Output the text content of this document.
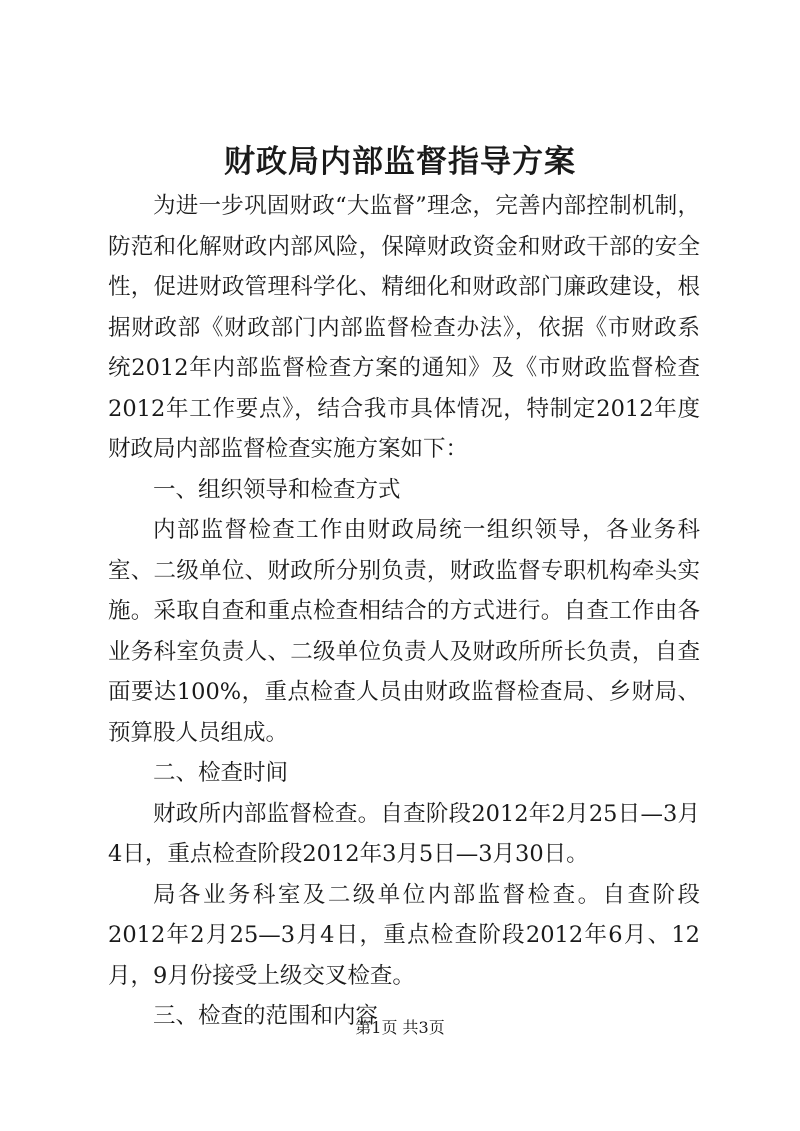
财政局内部监督指导方案

为进一步巩固财政“大监督”理念，完善内部控制机制，防范和化解财政内部风险，保障财政资金和财政干部的安全性，促进财政管理科学化、精细化和财政部门廉政建设，根据财政部《财政部门内部监督检查办法》，依据《市财政系统2012年内部监督检查方案的通知》及《市财政监督检查2012年工作要点》，结合我市具体情况，特制定2012年度财政局内部监督检查实施方案如下：

一、组织领导和检查方式

内部监督检查工作由财政局统一组织领导，各业务科室、二级单位、财政所分别负责，财政监督专职机构牵头实施。采取自查和重点检查相结合的方式进行。自查工作由各业务科室负责人、二级单位负责人及财政所所长负责，自查面要达100%，重点检查人员由财政监督检查局、乡财局、预算股人员组成。

二、检查时间

财政所内部监督检查。自查阶段2012年2月25日—3月4日，重点检查阶段2012年3月5日—3月30日。

局各业务科室及二级单位内部监督检查。自查阶段2012年2月25—3月4日，重点检查阶段2012年6月、12月，9月份接受上级交叉检查。

三、检查的范围和内容

第1页 共3页
